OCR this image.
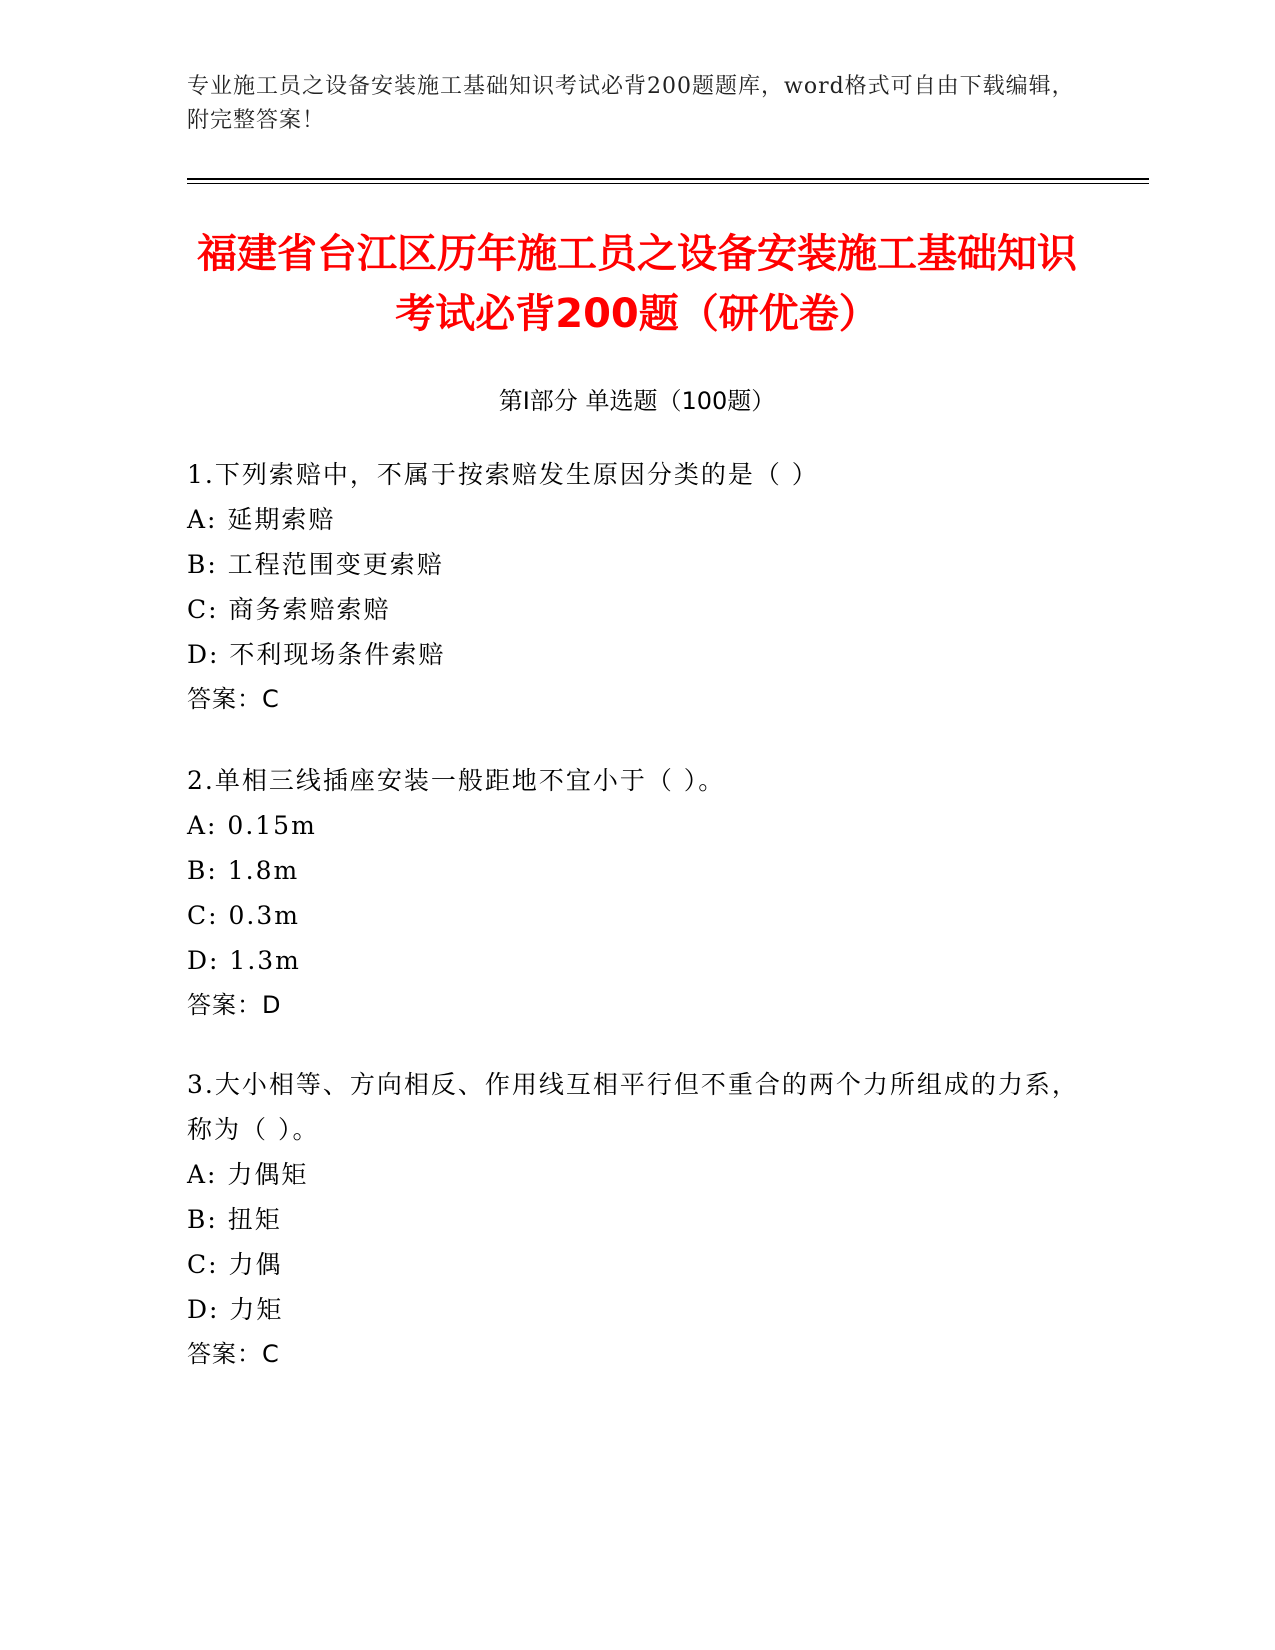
专业施工员之设备安装施工基础知识考试必背200题题库，word格式可自由下载编辑，附完整答案！
福建省台江区历年施工员之设备安装施工基础知识考试必背200题（研优卷）
第Ⅰ部分 单选题（100题）
1.下列索赔中，不属于按索赔发生原因分类的是（ ）
A: 延期索赔
B: 工程范围变更索赔
C: 商务索赔索赔
D: 不利现场条件索赔
答案：C
2.单相三线插座安装一般距地不宜小于（ ）。
A: 0.15m
B: 1.8m
C: 0.3m
D: 1.3m
答案：D
3.大小相等、方向相反、作用线互相平行但不重合的两个力所组成的力系，称为（ ）。
A: 力偶矩
B: 扭矩
C: 力偶
D: 力矩
答案：C
